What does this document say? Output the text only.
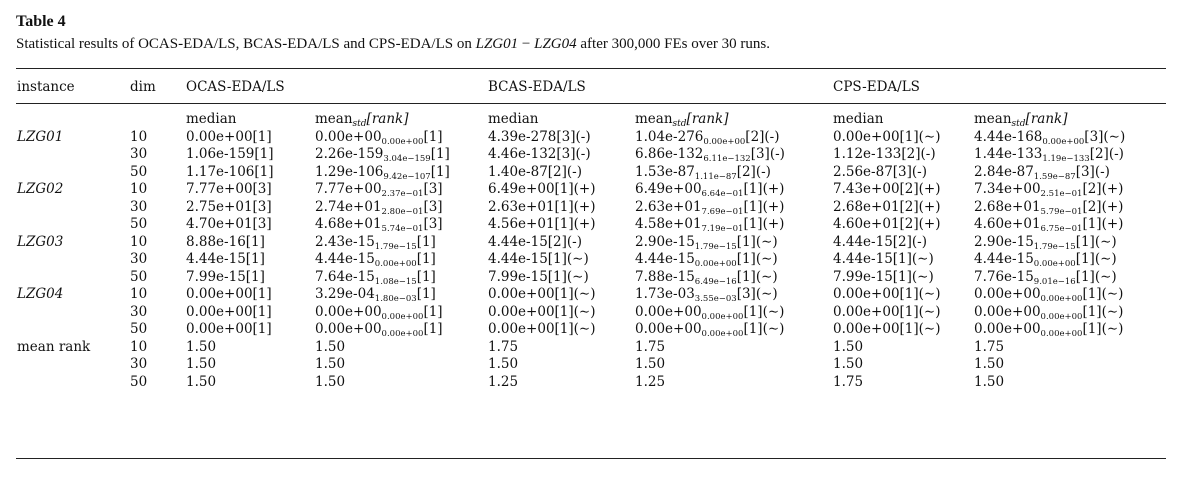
Table 4
Statistical results of OCAS-EDA/LS, BCAS-EDA/LS and CPS-EDA/LS on LZG01 − LZG04 after 300,000 FEs over 30 runs.
instance	dim	OCAS-EDA/LS		BCAS-EDA/LS		CPS-EDA/LS	
		median	mean$_{std}$[rank]	median	mean$_{std}$[rank]	median	mean$_{std}$[rank]
LZG01	10	0.00e+00[1]	$0.00e+00_{0.00e+00}[1]$	4.39e-278[3](-)	$1.04e-276_{0.00e+00}[2](-)$	0.00e+00[1](∼)	$4.44e-168_{0.00e+00}[3](\sim)$
	30	1.06e-159[1]	$2.26e-159_{3.04e-159}[1]$	4.46e-132[3](-)	$6.86e-132_{6.11e-132}[3](-)$	1.12e-133[2](-)	$1.44e-133_{1.19e-133}[2](-)$
	50	1.17e-106[1]	$1.29e-106_{9.42e-107}[1]$	1.40e-87[2](-)	$1.53e-87_{1.11e-87}[2](-)$	2.56e-87[3](-)	$2.84e-87_{1.59e-87}[3](-)$
LZG02	10	7.77e+00[3]	$7.77e+00_{2.37e-01}[3]$	6.49e+00[1](+)	$6.49e+00_{6.64e-01}[1](+)$	7.43e+00[2](+)	$7.34e+00_{2.51e-01}[2](+)$
	30	2.75e+01[3]	$2.74e+01_{2.80e-01}[3]$	2.63e+01[1](+)	$2.63e+01_{7.69e-01}[1](+)$	2.68e+01[2](+)	$2.68e+01_{5.79e-01}[2](+)$
	50	4.70e+01[3]	$4.68e+01_{5.74e-01}[3]$	4.56e+01[1](+)	$4.58e+01_{7.19e-01}[1](+)$	4.60e+01[2](+)	$4.60e+01_{6.75e-01}[1](+)$
LZG03	10	8.88e-16[1]	$2.43e-15_{1.79e-15}[1]$	4.44e-15[2](-)	$2.90e-15_{1.79e-15}[1](\sim)$	4.44e-15[2](-)	$2.90e-15_{1.79e-15}[1](\sim)$
	30	4.44e-15[1]	$4.44e-15_{0.00e+00}[1]$	4.44e-15[1](∼)	$4.44e-15_{0.00e+00}[1](\sim)$	4.44e-15[1](∼)	$4.44e-15_{0.00e+00}[1](\sim)$
	50	7.99e-15[1]	$7.64e-15_{1.08e-15}[1]$	7.99e-15[1](∼)	$7.88e-15_{6.49e-16}[1](\sim)$	7.99e-15[1](∼)	$7.76e-15_{9.01e-16}[1](\sim)$
LZG04	10	0.00e+00[1]	$3.29e-04_{1.80e-03}[1]$	0.00e+00[1](∼)	$1.73e-03_{3.55e-03}[3](\sim)$	0.00e+00[1](∼)	$0.00e+00_{0.00e+00}[1](\sim)$
	30	0.00e+00[1]	$0.00e+00_{0.00e+00}[1]$	0.00e+00[1](∼)	$0.00e+00_{0.00e+00}[1](\sim)$	0.00e+00[1](∼)	$0.00e+00_{0.00e+00}[1](\sim)$
	50	0.00e+00[1]	$0.00e+00_{0.00e+00}[1]$	0.00e+00[1](∼)	$0.00e+00_{0.00e+00}[1](\sim)$	0.00e+00[1](∼)	$0.00e+00_{0.00e+00}[1](\sim)$
mean rank	10	1.50	1.50	1.75	1.75	1.50	1.75
	30	1.50	1.50	1.50	1.50	1.50	1.50
	50	1.50	1.50	1.25	1.25	1.75	1.50
